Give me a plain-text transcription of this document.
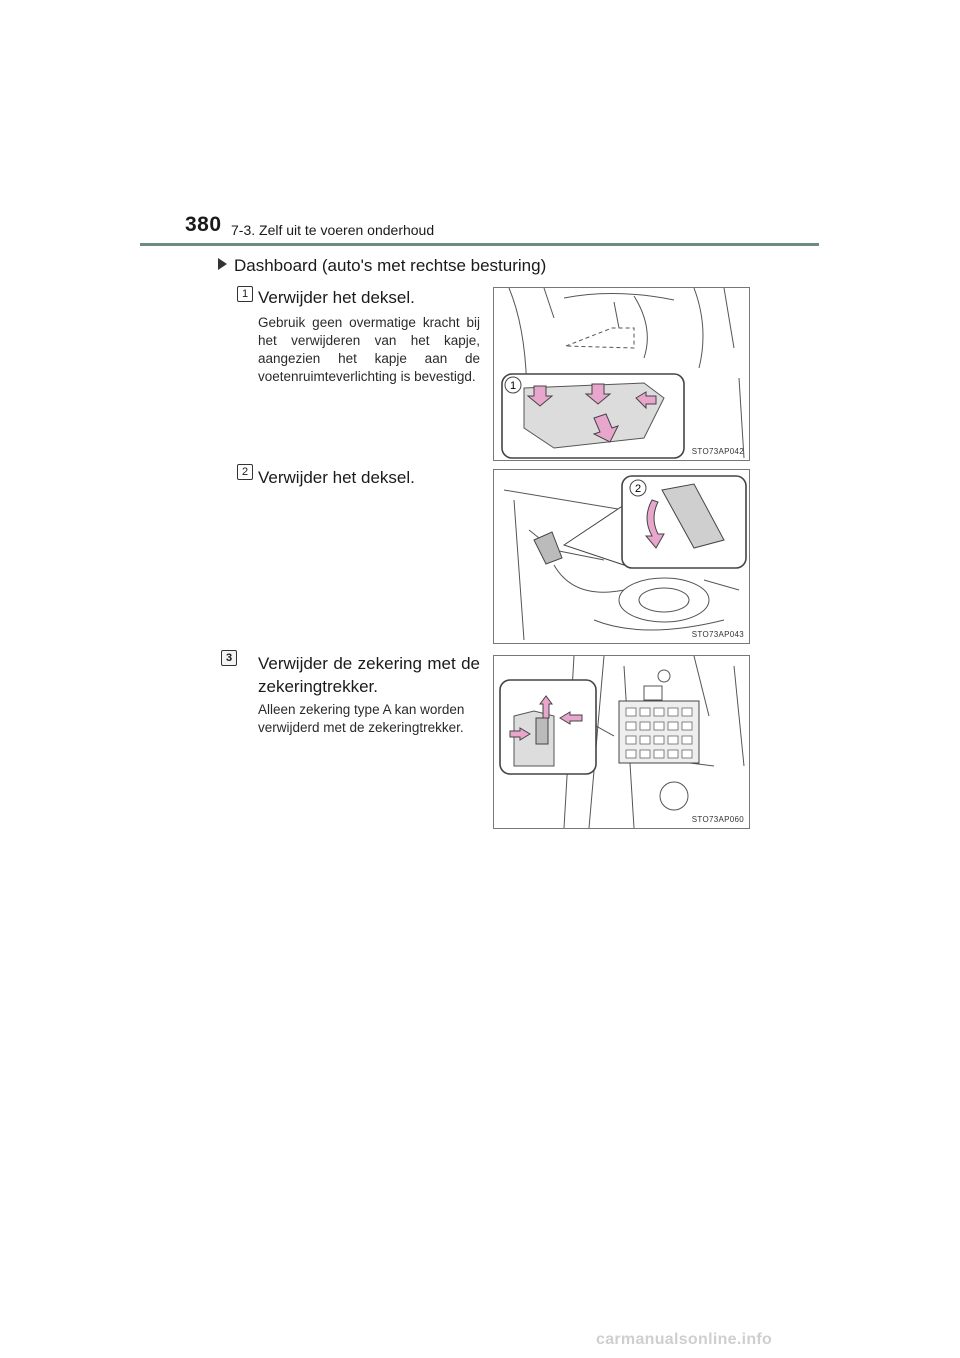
380 7-3. Zelf uit te voeren onderhoud
Dashboard (auto's met rechtse besturing)
1 Verwijder het deksel.
Gebruik geen overmatige kracht bij het verwijderen van het kapje, aangezien het kapje aan de voetenruimteverlichting is bevestigd.
1
STO73AP042
2 Verwijder het deksel.
2
STO73AP043
3 Verwijder de zekering met de zekeringtrekker.
Alleen zekering type A kan worden verwijderd met de zekeringtrekker.
STO73AP060
carmanualsonline.info
